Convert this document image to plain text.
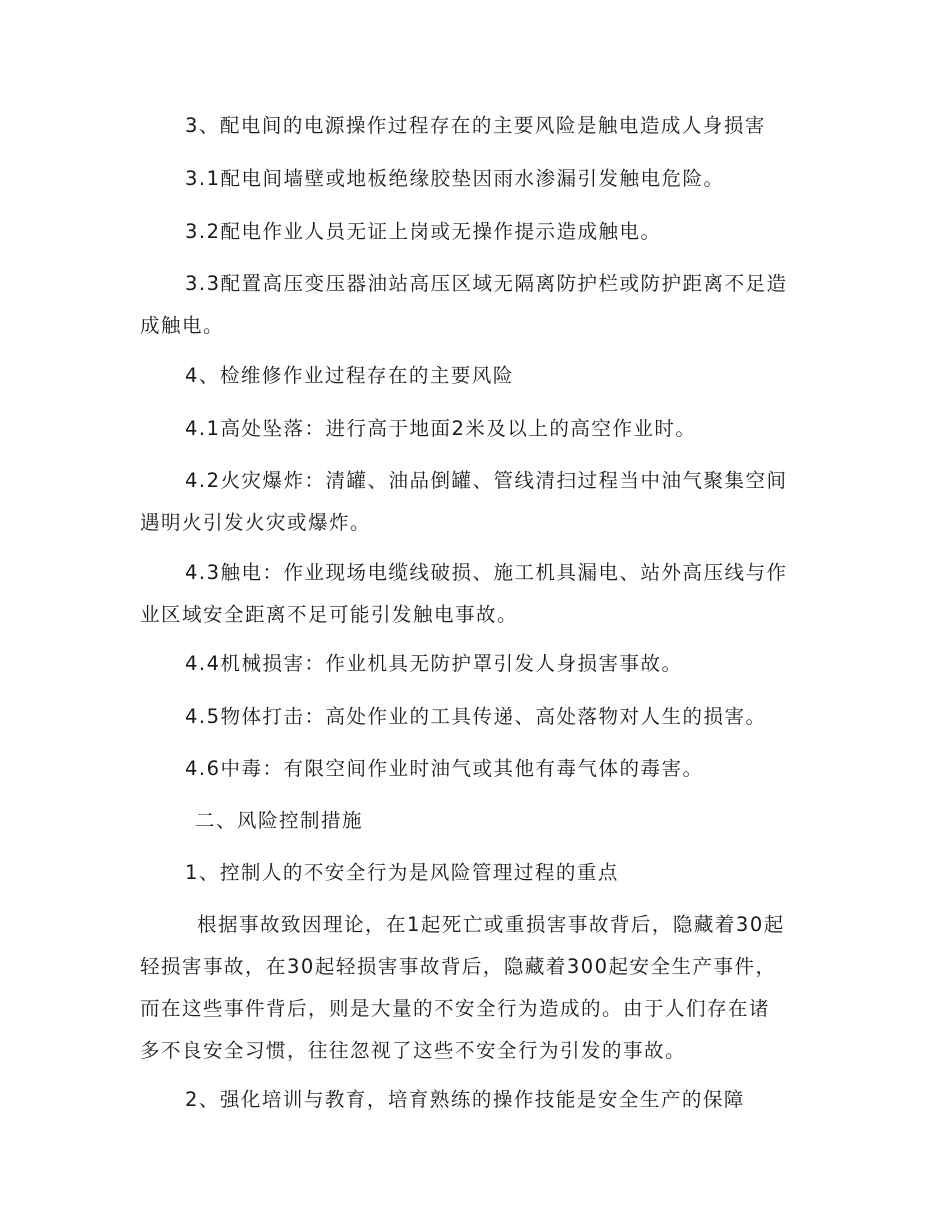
3、配电间的电源操作过程存在的主要风险是触电造成人身损害
3.1配电间墙壁或地板绝缘胶垫因雨水渗漏引发触电危险。
3.2配电作业人员无证上岗或无操作提示造成触电。
3.3配置高压变压器油站高压区域无隔离防护栏或防护距离不足造
成触电。
4、检维修作业过程存在的主要风险
4.1高处坠落：进行高于地面2米及以上的高空作业时。
4.2火灾爆炸：清罐、油品倒罐、管线清扫过程当中油气聚集空间
遇明火引发火灾或爆炸。
4.3触电：作业现场电缆线破损、施工机具漏电、站外高压线与作
业区域安全距离不足可能引发触电事故。
4.4机械损害：作业机具无防护罩引发人身损害事故。
4.5物体打击：高处作业的工具传递、高处落物对人生的损害。
4.6中毒：有限空间作业时油气或其他有毒气体的毒害。
二、风险控制措施
1、控制人的不安全行为是风险管理过程的重点
根据事故致因理论，在1起死亡或重损害事故背后，隐藏着30起
轻损害事故，在30起轻损害事故背后，隐藏着300起安全生产事件，
而在这些事件背后，则是大量的不安全行为造成的。由于人们存在诸
多不良安全习惯，往往忽视了这些不安全行为引发的事故。
2、强化培训与教育，培育熟练的操作技能是安全生产的保障
